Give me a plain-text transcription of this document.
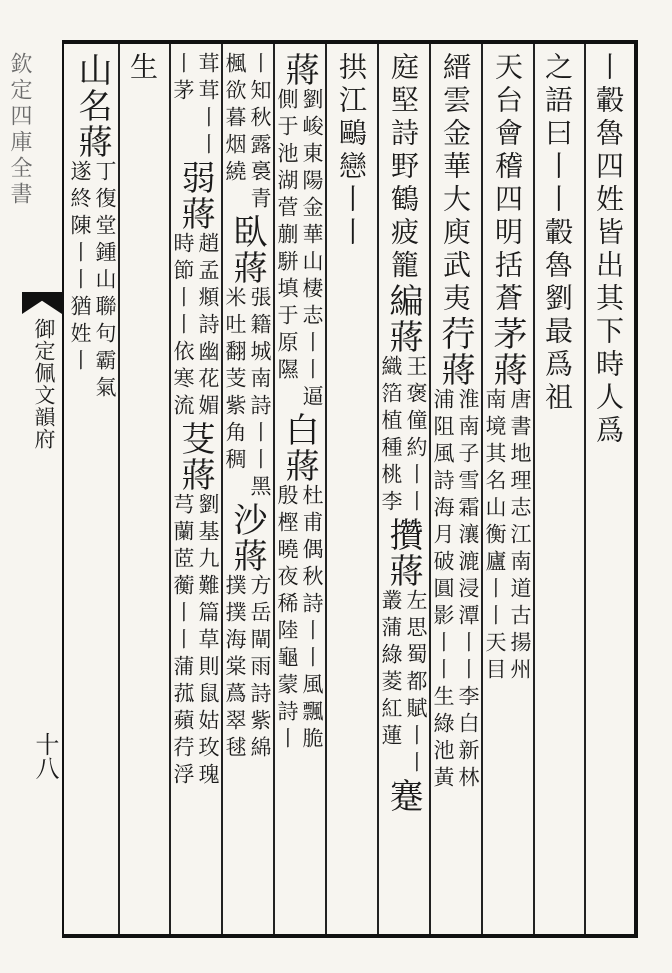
欽定四庫全書
御定佩文韻府
十八
丨轂魯四姓皆出其下時人爲
之語曰丨丨轂魯劉最爲祖
天台會稽四明括蒼
茅蔣
唐書地理志江南道古揚州
南境其名山衡廬丨丨天目
縉雲金華大庾武夷
荇蔣
淮南子雪霜瀼漉浸潭丨丨李白新林
浦阻風詩海月破圓影丨丨生綠池黃
庭堅詩野鶴疲籠
編蔣
王褒僮約丨丨
織箔植種桃李
攢蔣
左思蜀都賦丨丨
叢蒲綠菱紅蓮
蹇
拱江鷗戀丨丨
蔣
劉峻東陽金華山棲志丨丨逼
側于池湖菅蒯駢填于原隰
白蔣
杜甫偶秋詩丨丨風飄脆
殷樫曉夜稀陸龜蒙詩丨
丨知秋露裛青
楓欲暮烟繞
臥蔣
張籍城南詩丨丨黑
米吐翻芰紫角稠
沙蔣
方岳閘雨詩紫綿
撲撲海棠蔿翠毬
茸茸丨丨
丨茅
弱蔣
趙孟頫詩幽花媚
時節丨丨依寒流
芟蔣
劉基九難篇草則鼠姑玫瑰
芎蘭茝蘅丨丨蒲菰蘋荇浮
生
山名蔣
丁復堂鍾山聯句霸氣
遂終陳丨丨猶姓丨
